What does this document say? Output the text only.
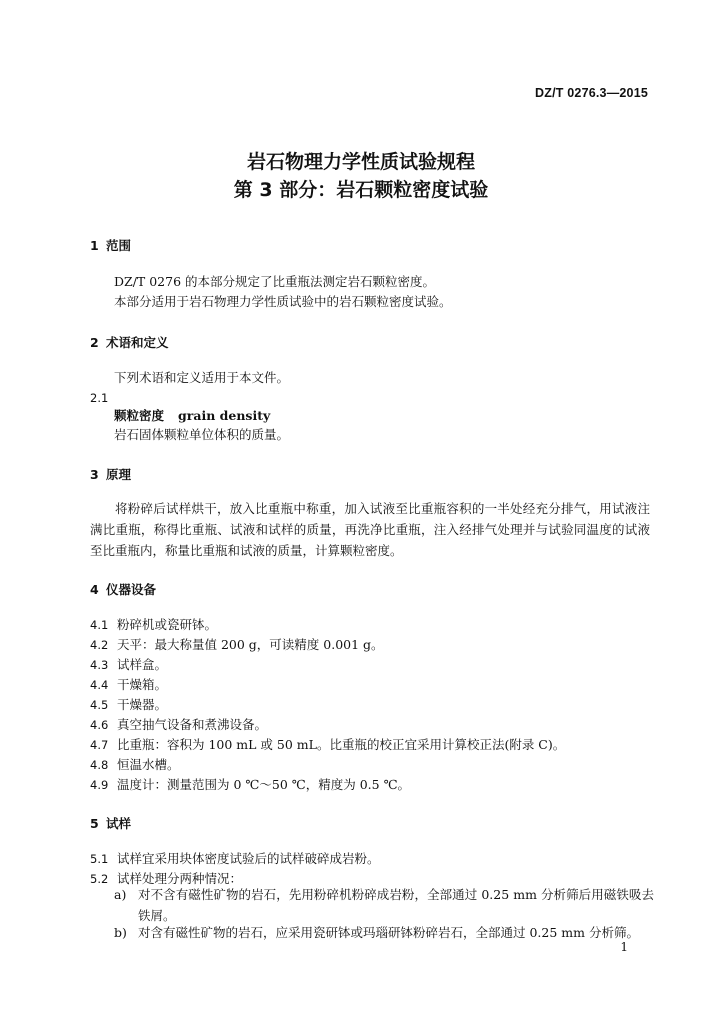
DZ/T 0276.3—2015
岩石物理力学性质试验规程
第 3 部分：岩石颗粒密度试验
1 范围
DZ/T 0276 的本部分规定了比重瓶法测定岩石颗粒密度。
本部分适用于岩石物理力学性质试验中的岩石颗粒密度试验。
2 术语和定义
下列术语和定义适用于本文件。
2.1
颗粒密度 grain density
岩石固体颗粒单位体积的质量。
3 原理
将粉碎后试样烘干，放入比重瓶中称重，加入试液至比重瓶容积的一半处经充分排气，用试液注满比重瓶，称得比重瓶、试液和试样的质量，再洗净比重瓶，注入经排气处理并与试验同温度的试液至比重瓶内，称量比重瓶和试液的质量，计算颗粒密度。
4 仪器设备
4.1 粉碎机或瓷研钵。
4.2 天平：最大称量值 200 g，可读精度 0.001 g。
4.3 试样盒。
4.4 干燥箱。
4.5 干燥器。
4.6 真空抽气设备和煮沸设备。
4.7 比重瓶：容积为 100 mL 或 50 mL。比重瓶的校正宜采用计算校正法(附录 C)。
4.8 恒温水槽。
4.9 温度计：测量范围为 0 ℃～50 ℃，精度为 0.5 ℃。
5 试样
5.1 试样宜采用块体密度试验后的试样破碎成岩粉。
5.2 试样处理分两种情况：
a) 对不含有磁性矿物的岩石，先用粉碎机粉碎成岩粉，全部通过 0.25 mm 分析筛后用磁铁吸去铁屑。
b) 对含有磁性矿物的岩石，应采用瓷研钵或玛瑙研钵粉碎岩石，全部通过 0.25 mm 分析筛。
1
